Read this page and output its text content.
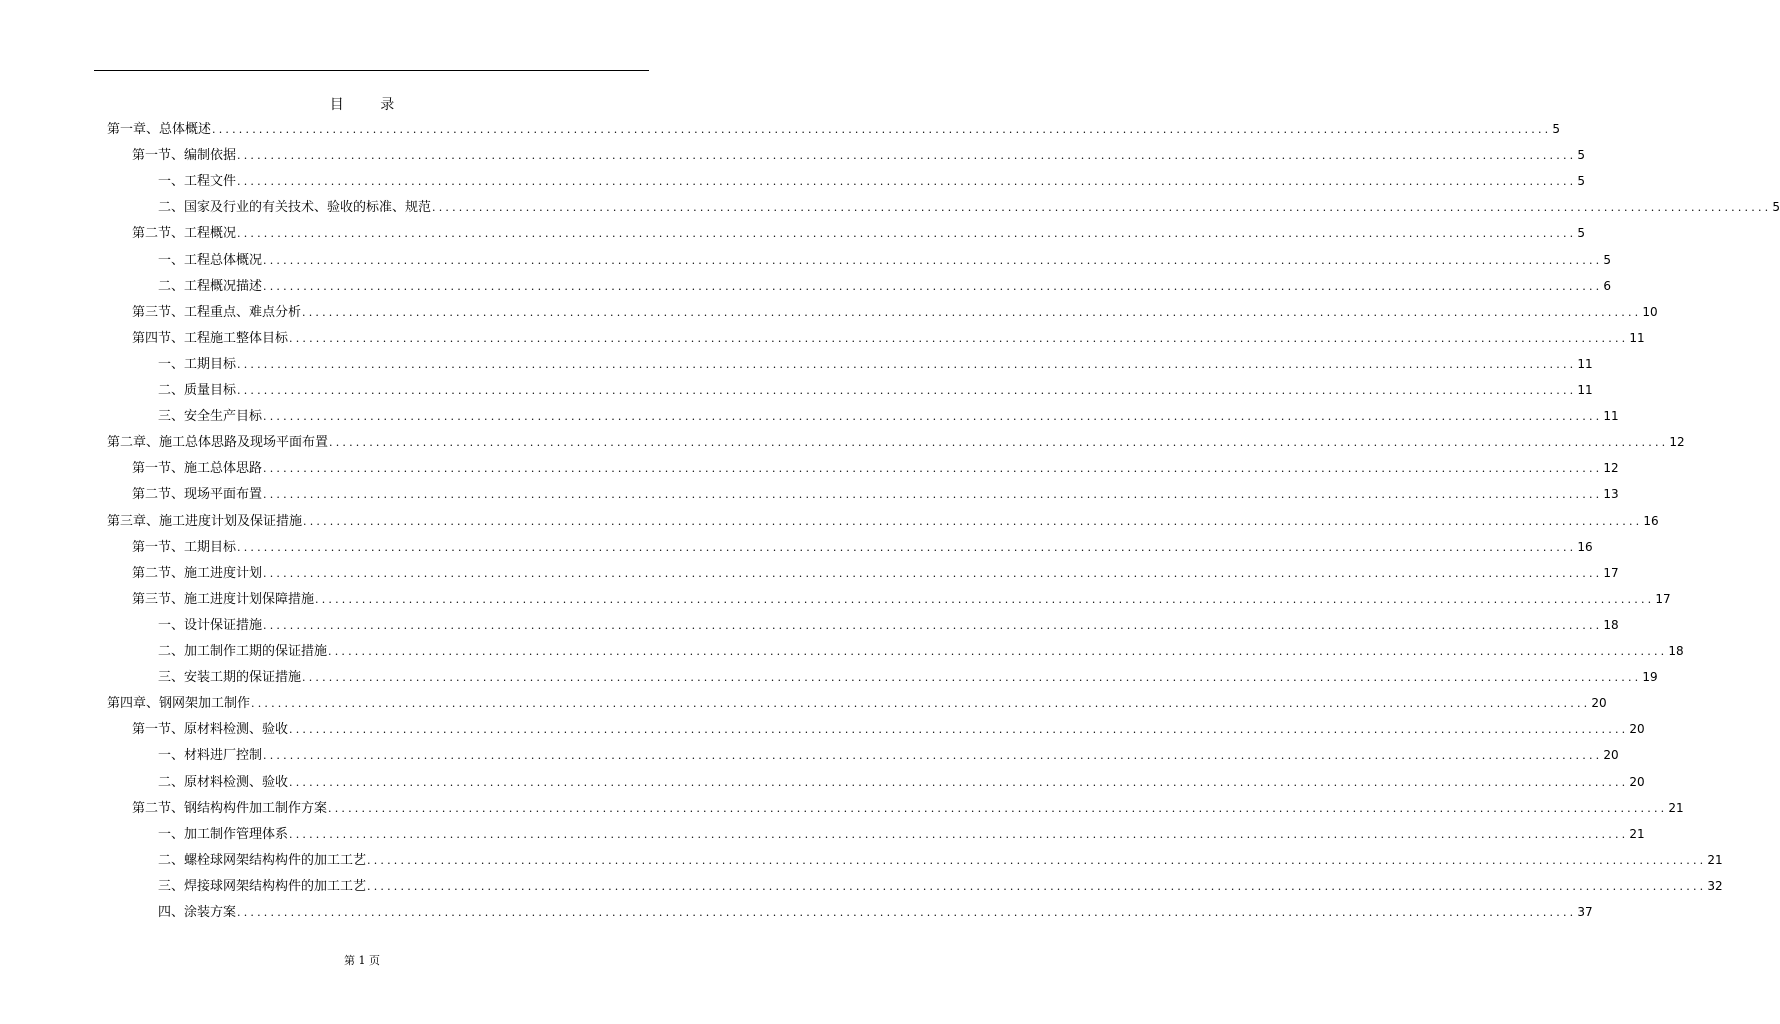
目 录
第一章、总体概述 ........................................................................................................................................................................................................ 5
第一节、编制依据 ........................................................................................................................................................................................................ 5
一、工程文件 ........................................................................................................................................................................................................ 5
二、国家及行业的有关技术、验收的标准、规范 ........................................................................................................................................................................................................ 5
第二节、工程概况 ........................................................................................................................................................................................................ 5
一、工程总体概况 ........................................................................................................................................................................................................ 5
二、工程概况描述 ........................................................................................................................................................................................................ 6
第三节、工程重点、难点分析 ........................................................................................................................................................................................................ 10
第四节、工程施工整体目标 ........................................................................................................................................................................................................ 11
一、工期目标 ........................................................................................................................................................................................................ 11
二、质量目标 ........................................................................................................................................................................................................ 11
三、安全生产目标 ........................................................................................................................................................................................................ 11
第二章、施工总体思路及现场平面布置 ........................................................................................................................................................................................................ 12
第一节、施工总体思路 ........................................................................................................................................................................................................ 12
第二节、现场平面布置 ........................................................................................................................................................................................................ 13
第三章、施工进度计划及保证措施 ........................................................................................................................................................................................................ 16
第一节、工期目标 ........................................................................................................................................................................................................ 16
第二节、施工进度计划 ........................................................................................................................................................................................................ 17
第三节、施工进度计划保障措施 ........................................................................................................................................................................................................ 17
一、设计保证措施 ........................................................................................................................................................................................................ 18
二、加工制作工期的保证措施 ........................................................................................................................................................................................................ 18
三、安装工期的保证措施 ........................................................................................................................................................................................................ 19
第四章、钢网架加工制作 ........................................................................................................................................................................................................ 20
第一节、原材料检测、验收 ........................................................................................................................................................................................................ 20
一、材料进厂控制 ........................................................................................................................................................................................................ 20
二、原材料检测、验收 ........................................................................................................................................................................................................ 20
第二节、钢结构构件加工制作方案 ........................................................................................................................................................................................................ 21
一、加工制作管理体系 ........................................................................................................................................................................................................ 21
二、螺栓球网架结构构件的加工工艺 ........................................................................................................................................................................................................ 21
三、焊接球网架结构构件的加工工艺 ........................................................................................................................................................................................................ 32
四、涂装方案 ........................................................................................................................................................................................................ 37
第 1 页
